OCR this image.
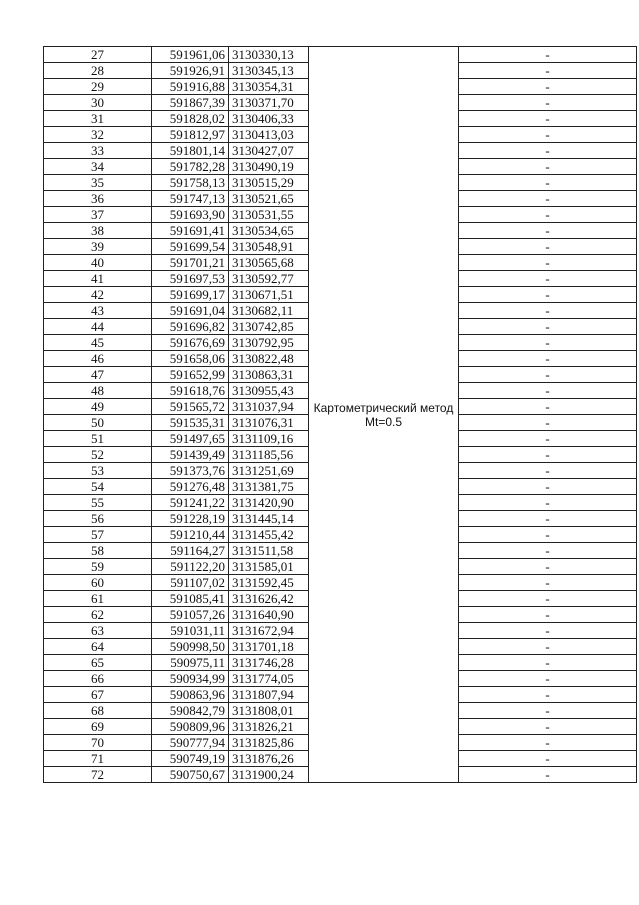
27	591961,06	3130330,13	Картометрический метод Mt=0.5	-
28	591926,91	3130345,13		-
29	591916,88	3130354,31		-
30	591867,39	3130371,70		-
31	591828,02	3130406,33		-
32	591812,97	3130413,03		-
33	591801,14	3130427,07		-
34	591782,28	3130490,19		-
35	591758,13	3130515,29		-
36	591747,13	3130521,65		-
37	591693,90	3130531,55		-
38	591691,41	3130534,65		-
39	591699,54	3130548,91		-
40	591701,21	3130565,68		-
41	591697,53	3130592,77		-
42	591699,17	3130671,51		-
43	591691,04	3130682,11		-
44	591696,82	3130742,85		-
45	591676,69	3130792,95		-
46	591658,06	3130822,48		-
47	591652,99	3130863,31		-
48	591618,76	3130955,43		-
49	591565,72	3131037,94		-
50	591535,31	3131076,31		-
51	591497,65	3131109,16		-
52	591439,49	3131185,56		-
53	591373,76	3131251,69		-
54	591276,48	3131381,75		-
55	591241,22	3131420,90		-
56	591228,19	3131445,14		-
57	591210,44	3131455,42		-
58	591164,27	3131511,58		-
59	591122,20	3131585,01		-
60	591107,02	3131592,45		-
61	591085,41	3131626,42		-
62	591057,26	3131640,90		-
63	591031,11	3131672,94		-
64	590998,50	3131701,18		-
65	590975,11	3131746,28		-
66	590934,99	3131774,05		-
67	590863,96	3131807,94		-
68	590842,79	3131808,01		-
69	590809,96	3131826,21		-
70	590777,94	3131825,86		-
71	590749,19	3131876,26		-
72	590750,67	3131900,24		-
